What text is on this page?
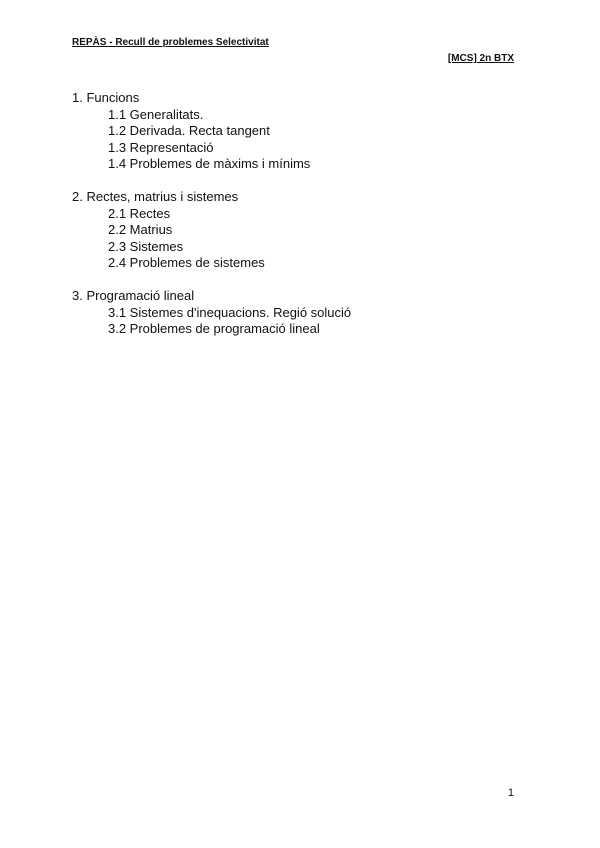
REPÀS - Recull de problemes Selectivitat
[MCS] 2n BTX
1. Funcions
1.1 Generalitats.
1.2 Derivada. Recta tangent
1.3 Representació
1.4 Problemes de màxims i mínims
2. Rectes, matrius i sistemes
2.1 Rectes
2.2 Matrius
2.3 Sistemes
2.4 Problemes de sistemes
3. Programació lineal
3.1 Sistemes d'inequacions. Regió solució
3.2 Problemes de programació lineal
1
